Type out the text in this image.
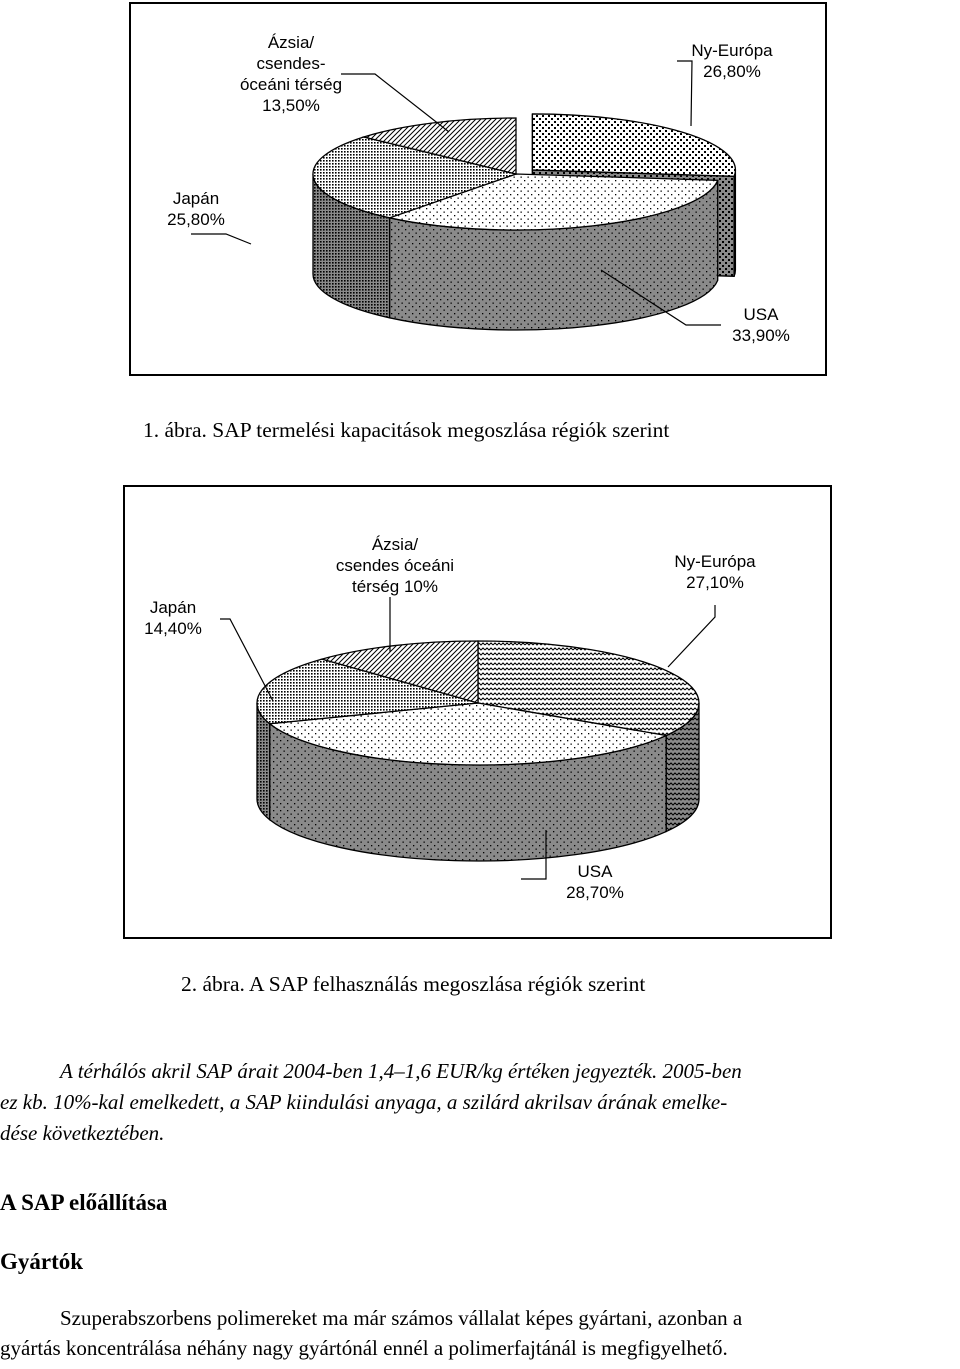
Ny-Európa 26,80%
USA 33,90%
Japán 25,80%
Ázsia/ csendes-óceáni térség 13,50%
1. ábra. SAP termelési kapacitások megoszlása régiók szerint
Ny-Európa 27,10%
USA 28,70%
Japán 14,40%
Ázsia/ csendes óceáni térség 10%
2. ábra. A SAP felhasználás megoszlása régiók szerint
A térhálós akril SAP árait 2004-ben 1,4–1,6 EUR/kg értéken jegyezték. 2005-ben
ez kb. 10%-kal emelkedett, a SAP kiindulási anyaga, a szilárd akrilsav árának emelke-
dése következtében.
A SAP előállítása
Gyártók
Szuperabszorbens polimereket ma már számos vállalat képes gyártani, azonban a
gyártás koncentrálása néhány nagy gyártónál ennél a polimerfajtánál is megfigyelhető.
